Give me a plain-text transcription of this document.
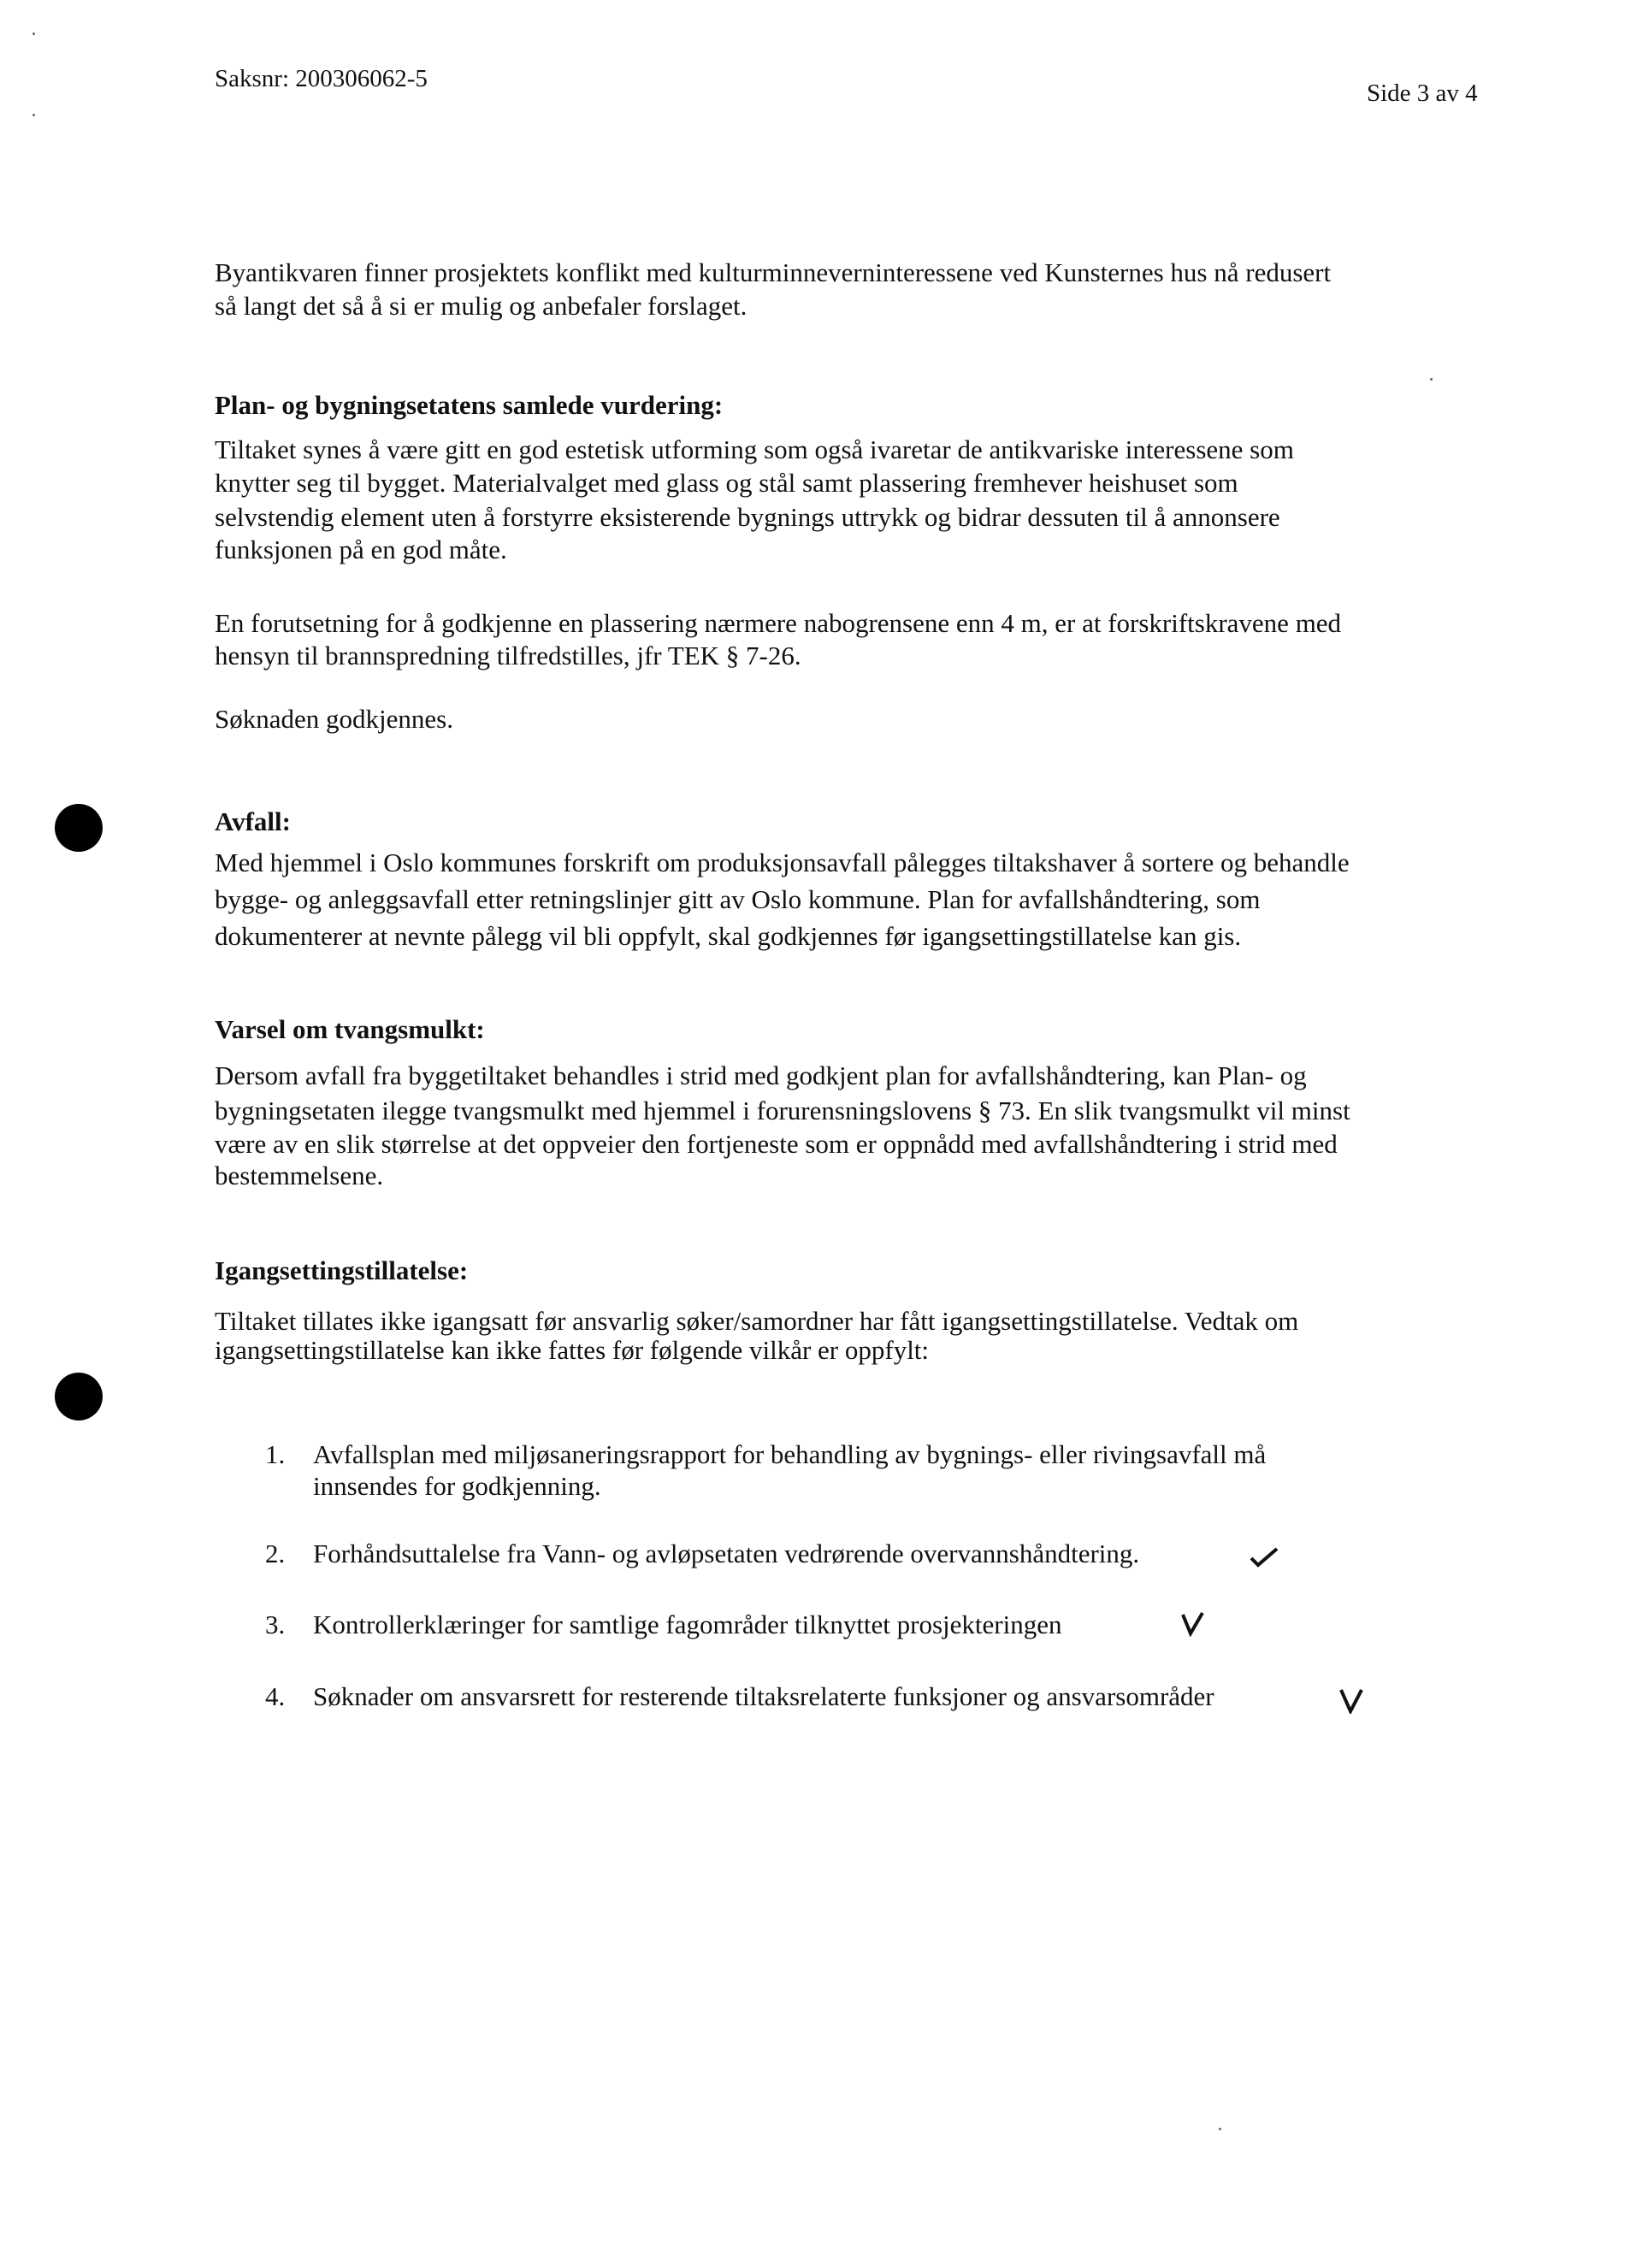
Saksnr: 200306062-5
Side 3 av 4
Byantikvaren finner prosjektets konflikt med kulturminneverninteressene ved Kunsternes hus nå redusert
så langt det så å si er mulig og anbefaler forslaget.
Plan- og bygningsetatens samlede vurdering:
Tiltaket synes å være gitt en god estetisk utforming som også ivaretar de antikvariske interessene som
knytter seg til bygget. Materialvalget med glass og stål samt plassering fremhever heishuset som
selvstendig element uten å forstyrre eksisterende bygnings uttrykk og bidrar dessuten til å annonsere
funksjonen på en god måte.
En forutsetning for å godkjenne en plassering nærmere nabogrensene enn 4 m, er at forskriftskravene med
hensyn til brannspredning tilfredstilles, jfr TEK § 7-26.
Søknaden godkjennes.
Avfall:
Med hjemmel i Oslo kommunes forskrift om produksjonsavfall pålegges tiltakshaver å sortere og behandle
bygge- og anleggsavfall etter retningslinjer gitt av Oslo kommune. Plan for avfallshåndtering, som
dokumenterer at nevnte pålegg vil bli oppfylt, skal godkjennes før igangsettingstillatelse kan gis.
Varsel om tvangsmulkt:
Dersom avfall fra byggetiltaket behandles i strid med godkjent plan for avfallshåndtering, kan Plan- og
bygningsetaten ilegge tvangsmulkt med hjemmel i forurensningslovens § 73. En slik tvangsmulkt vil minst
være av en slik størrelse at det oppveier den fortjeneste som er oppnådd med avfallshåndtering i strid med
bestemmelsene.
Igangsettingstillatelse:
Tiltaket tillates ikke igangsatt før ansvarlig søker/samordner har fått igangsettingstillatelse. Vedtak om
igangsettingstillatelse kan ikke fattes før følgende vilkår er oppfylt:
1. Avfallsplan med miljøsaneringsrapport for behandling av bygnings- eller rivingsavfall må
innsendes for godkjenning.
2. Forhåndsuttalelse fra Vann- og avløpsetaten vedrørende overvannshåndtering.
3. Kontrollerklæringer for samtlige fagområder tilknyttet prosjekteringen
4. Søknader om ansvarsrett for resterende tiltaksrelaterte funksjoner og ansvarsområder
